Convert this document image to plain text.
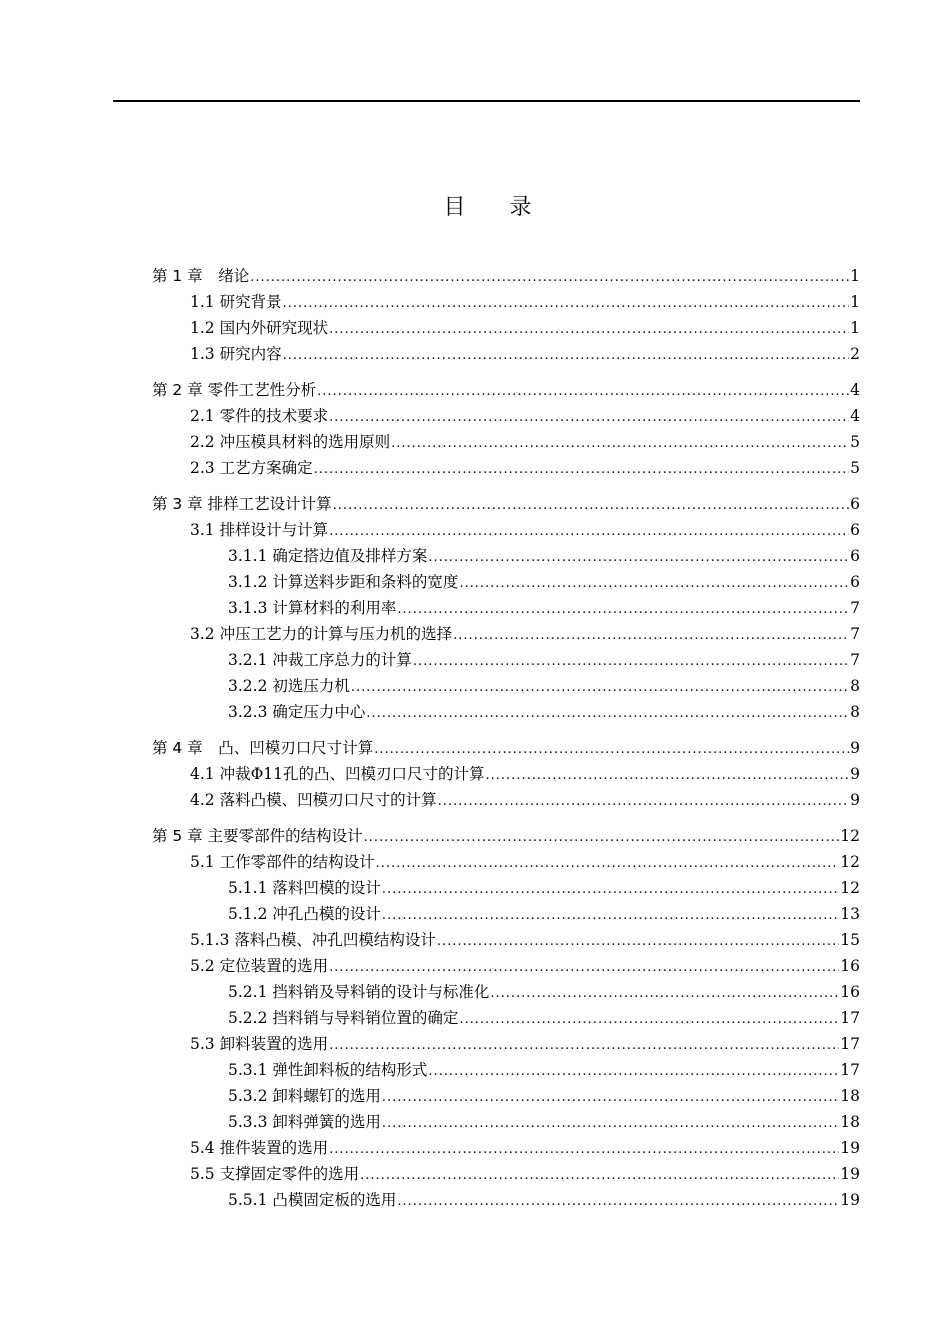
目 录
第 1 章　绪论 .....	1
1.1 研究背景 .....	1
1.2 国内外研究现状 .....	1
1.3 研究内容 .....	2
第 2 章 零件工艺性分析 .....	4
2.1 零件的技术要求 .....	4
2.2 冲压模具材料的选用原则 .....	5
2.3 工艺方案确定 .....	5
第 3 章 排样工艺设计计算 .....	6
3.1 排样设计与计算 .....	6
3.1.1 确定搭边值及排样方案 .....	6
3.1.2 计算送料步距和条料的宽度 .....	6
3.1.3 计算材料的利用率 .....	7
3.2 冲压工艺力的计算与压力机的选择 .....	7
3.2.1 冲裁工序总力的计算 .....	7
3.2.2 初选压力机 .....	8
3.2.3 确定压力中心 .....	8
第 4 章　凸、凹模刃口尺寸计算 .....	9
4.1 冲裁Φ11孔的凸、凹模刃口尺寸的计算 .....	9
4.2 落料凸模、凹模刃口尺寸的计算 .....	9
第 5 章 主要零部件的结构设计 .....	12
5.1 工作零部件的结构设计 .....	12
5.1.1 落料凹模的设计 .....	12
5.1.2 冲孔凸模的设计 .....	13
5.1.3 落料凸模、冲孔凹模结构设计 .....	15
5.2 定位装置的选用 .....	16
5.2.1 挡料销及导料销的设计与标准化 .....	16
5.2.2 挡料销与导料销位置的确定 .....	17
5.3 卸料装置的选用 .....	17
5.3.1 弹性卸料板的结构形式 .....	17
5.3.2 卸料螺钉的选用 .....	18
5.3.3 卸料弹簧的选用 .....	18
5.4 推件装置的选用 .....	19
5.5 支撑固定零件的选用 .....	19
5.5.1 凸模固定板的选用 .....	19
